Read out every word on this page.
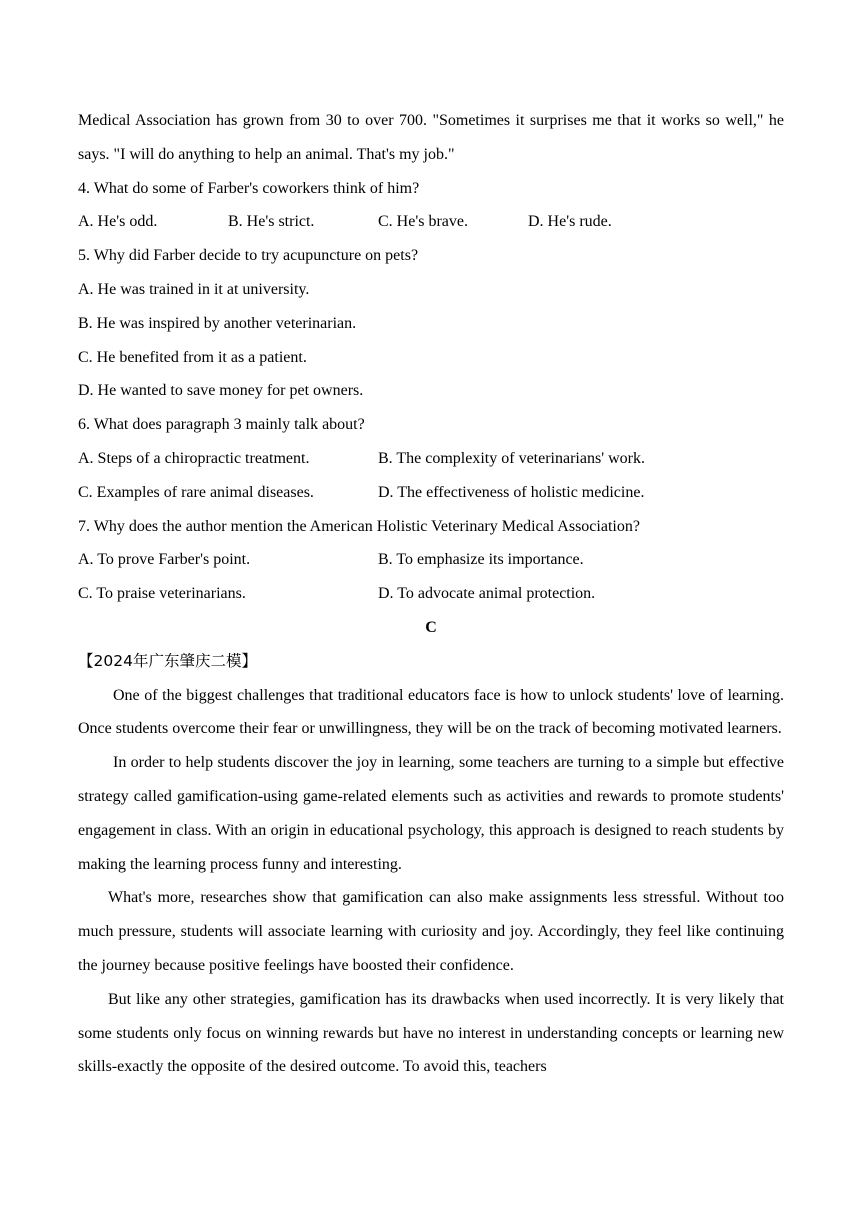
Medical Association has grown from 30 to over 700. "Sometimes it surprises me that it works so well," he says. "I will do anything to help an animal. That's my job."

4. What do some of Farber's coworkers think of him?

A. He's odd.	B. He's strict.	C. He's brave.	D. He's rude.

5. Why did Farber decide to try acupuncture on pets?

A. He was trained in it at university.

B. He was inspired by another veterinarian.

C. He benefited from it as a patient.

D. He wanted to save money for pet owners.

6. What does paragraph 3 mainly talk about?

A. Steps of a chiropractic treatment.	B. The complexity of veterinarians' work.

C. Examples of rare animal diseases.	D. The effectiveness of holistic medicine.

7. Why does the author mention the American Holistic Veterinary Medical Association?

A. To prove Farber's point.	B. To emphasize its importance.

C. To praise veterinarians.	D. To advocate animal protection.

C

【2024年广东肇庆二模】

One of the biggest challenges that traditional educators face is how to unlock students' love of learning. Once students overcome their fear or unwillingness, they will be on the track of becoming motivated learners.

In order to help students discover the joy in learning, some teachers are turning to a simple but effective strategy called gamification-using game-related elements such as activities and rewards to promote students' engagement in class. With an origin in educational psychology, this approach is designed to reach students by making the learning process funny and interesting.

What's more, researches show that gamification can also make assignments less stressful. Without too much pressure, students will associate learning with curiosity and joy. Accordingly, they feel like continuing the journey because positive feelings have boosted their confidence.

But like any other strategies, gamification has its drawbacks when used incorrectly. It is very likely that some students only focus on winning rewards but have no interest in understanding concepts or learning new skills-exactly the opposite of the desired outcome. To avoid this, teachers
